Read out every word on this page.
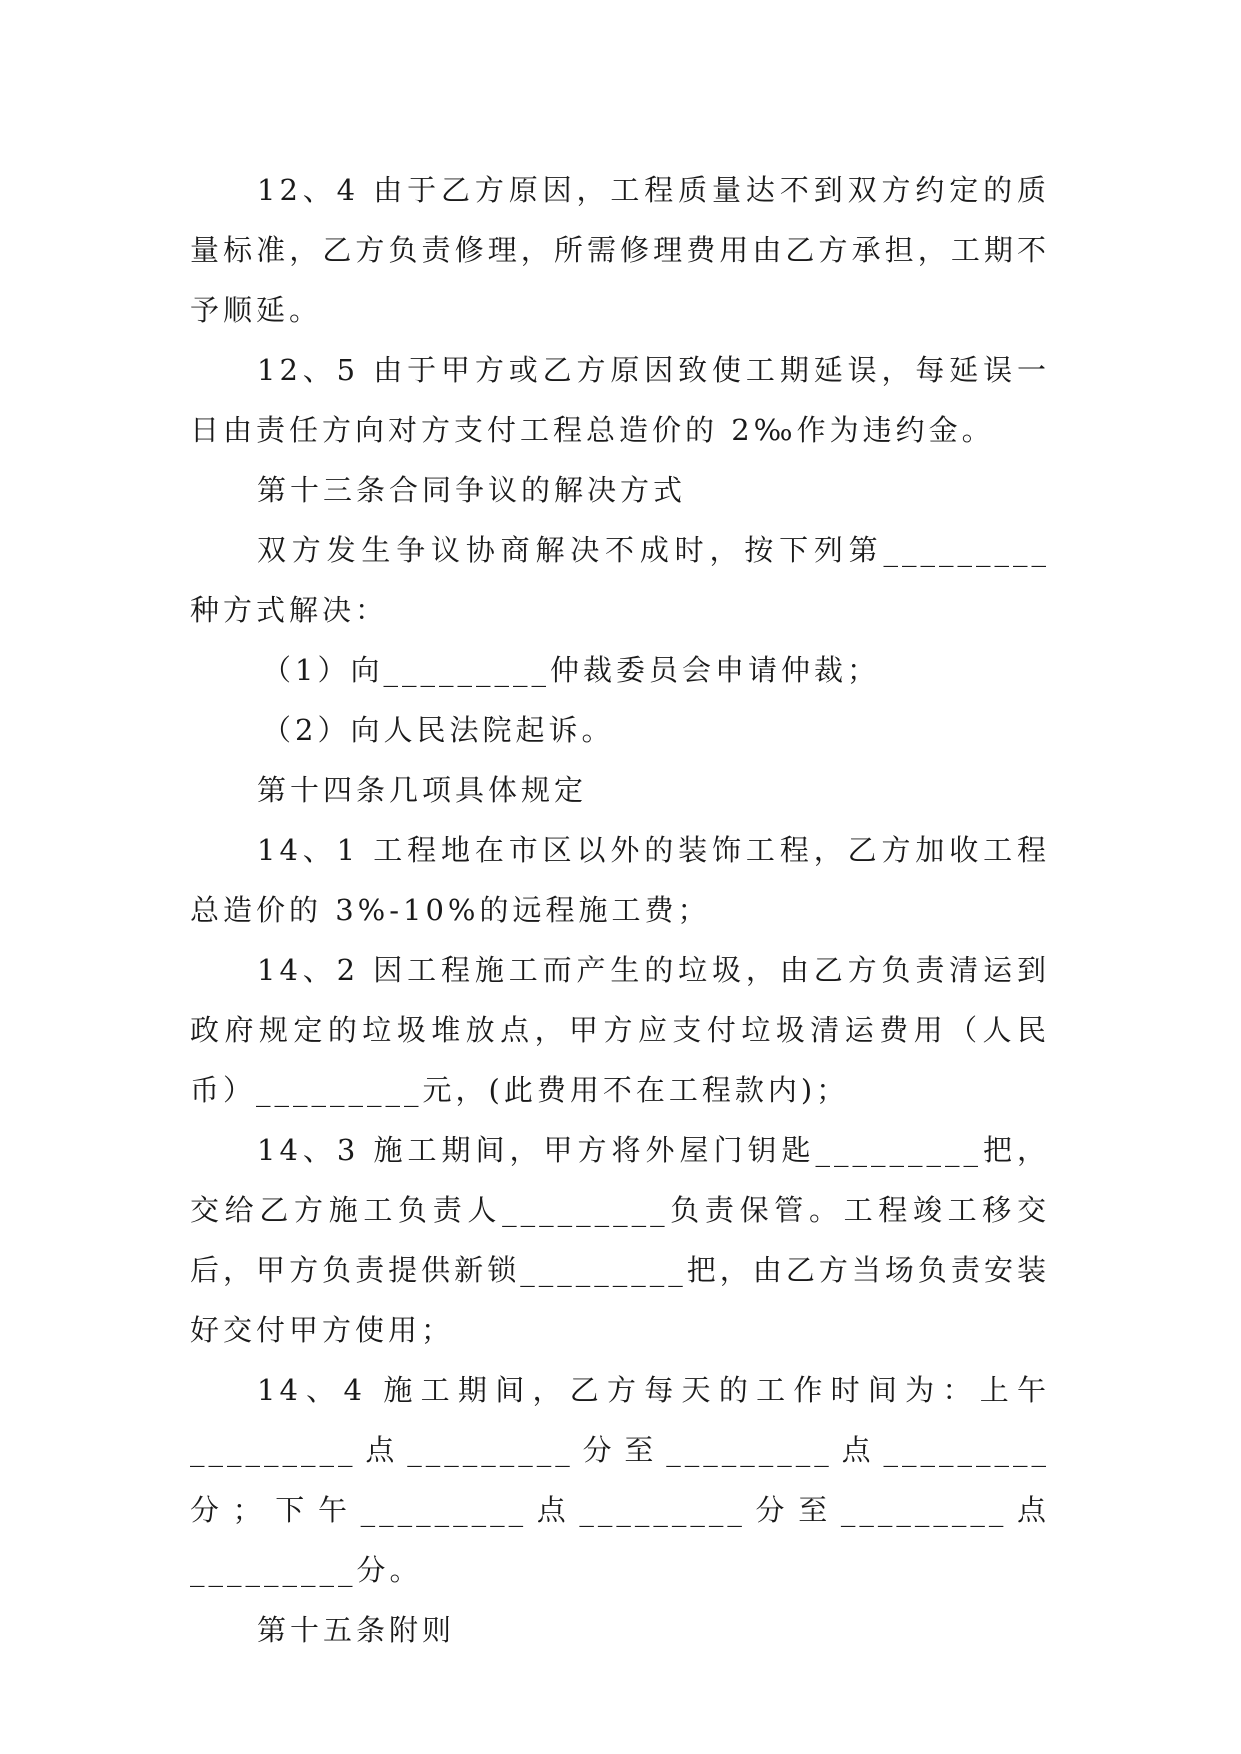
12、4 由于乙方原因，工程质量达不到双方约定的质量标准，乙方负责修理，所需修理费用由乙方承担，工期不予顺延。

12、5 由于甲方或乙方原因致使工期延误，每延误一日由责任方向对方支付工程总造价的 2‰作为违约金。

第十三条合同争议的解决方式

双方发生争议协商解决不成时，按下列第_________种方式解决：

（1）向_________仲裁委员会申请仲裁；

（2）向人民法院起诉。

第十四条几项具体规定

14、1 工程地在市区以外的装饰工程，乙方加收工程总造价的 3%-10%的远程施工费；

14、2 因工程施工而产生的垃圾，由乙方负责清运到政府规定的垃圾堆放点，甲方应支付垃圾清运费用（人民币）_________元，(此费用不在工程款内)；

14、3 施工期间，甲方将外屋门钥匙_________把，交给乙方施工负责人_________负责保管。工程竣工移交后，甲方负责提供新锁_________把，由乙方当场负责安装好交付甲方使用；

14、4 施工期间，乙方每天的工作时间为：上午_________点_________分至_________点_________分；下午_________点_________分至_________点_________分。

第十五条附则
